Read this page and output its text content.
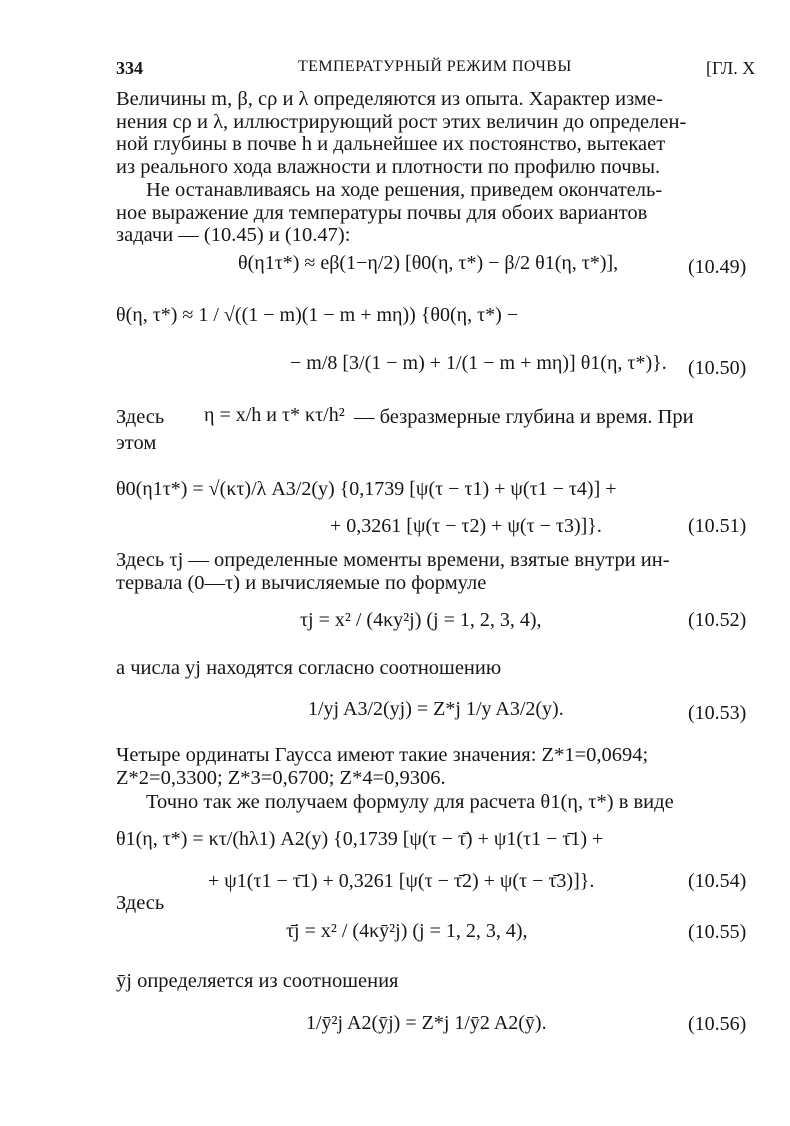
334	ТЕМПЕРАТУРНЫЙ РЕЖИМ ПОЧВЫ	[ГЛ. X
Величины m, β, cρ и λ определяются из опыта. Характер изме-
нения cρ и λ, иллюстрирующий рост этих величин до определен-
ной глубины в почве h и дальнейшее их постоянство, вытекает
из реального хода влажности и плотности по профилю почвы.
Не останавливаясь на ходе решения, приведем окончатель-
ное выражение для температуры почвы для обоих вариантов
задачи — (10.45) и (10.47):
θ(η1τ*) ≈ eβ(1−η/2) [θ0(η, τ*) − β/2 θ1(η, τ*)],	(10.49)
θ(η, τ*) ≈ 1 / √((1 − m)(1 − m + mη)) {θ0(η, τ*) −
− m/8 [3/(1 − m) + 1/(1 − m + mη)] θ1(η, τ*)}. (10.50)
Здесь η = x/h и τ* κτ/h² — безразмерные глубина и время. При
этом
θ0(η1τ*) = √(κτ)/λ A3/2(y) {0,1739 [ψ(τ − τ1) + ψ(τ1 − τ4)] +
+ 0,3261 [ψ(τ − τ2) + ψ(τ − τ3)]}.	(10.51)
Здесь τj — определенные моменты времени, взятые внутри ин-
тервала (0—τ) и вычисляемые по формуле
τj = x² / (4κy²j) (j = 1, 2, 3, 4),	(10.52)
а числа yj находятся согласно соотношению
1/yj A3/2(yj) = Z*j 1/y A3/2(y).	(10.53)
Четыре ординаты Гаусса имеют такие значения: Z*1=0,0694;
Z*2=0,3300; Z*3=0,6700; Z*4=0,9306.
Точно так же получаем формулу для расчета θ1(η, τ*) в виде
θ1(η, τ*) = κτ/(hλ1) A2(y) {0,1739 [ψ(τ − τ̄) + ψ1(τ1 − τ̄1) +
+ ψ1(τ1 − τ̄1) + 0,3261 [ψ(τ − τ̄2) + ψ(τ − τ̄3)]}.	(10.54)
Здесь
τ̄j = x² / (4κȳ²j) (j = 1, 2, 3, 4),	(10.55)
ȳj определяется из соотношения
1/ȳ²j A2(ȳj) = Z*j 1/ȳ2 A2(ȳ).	(10.56)
